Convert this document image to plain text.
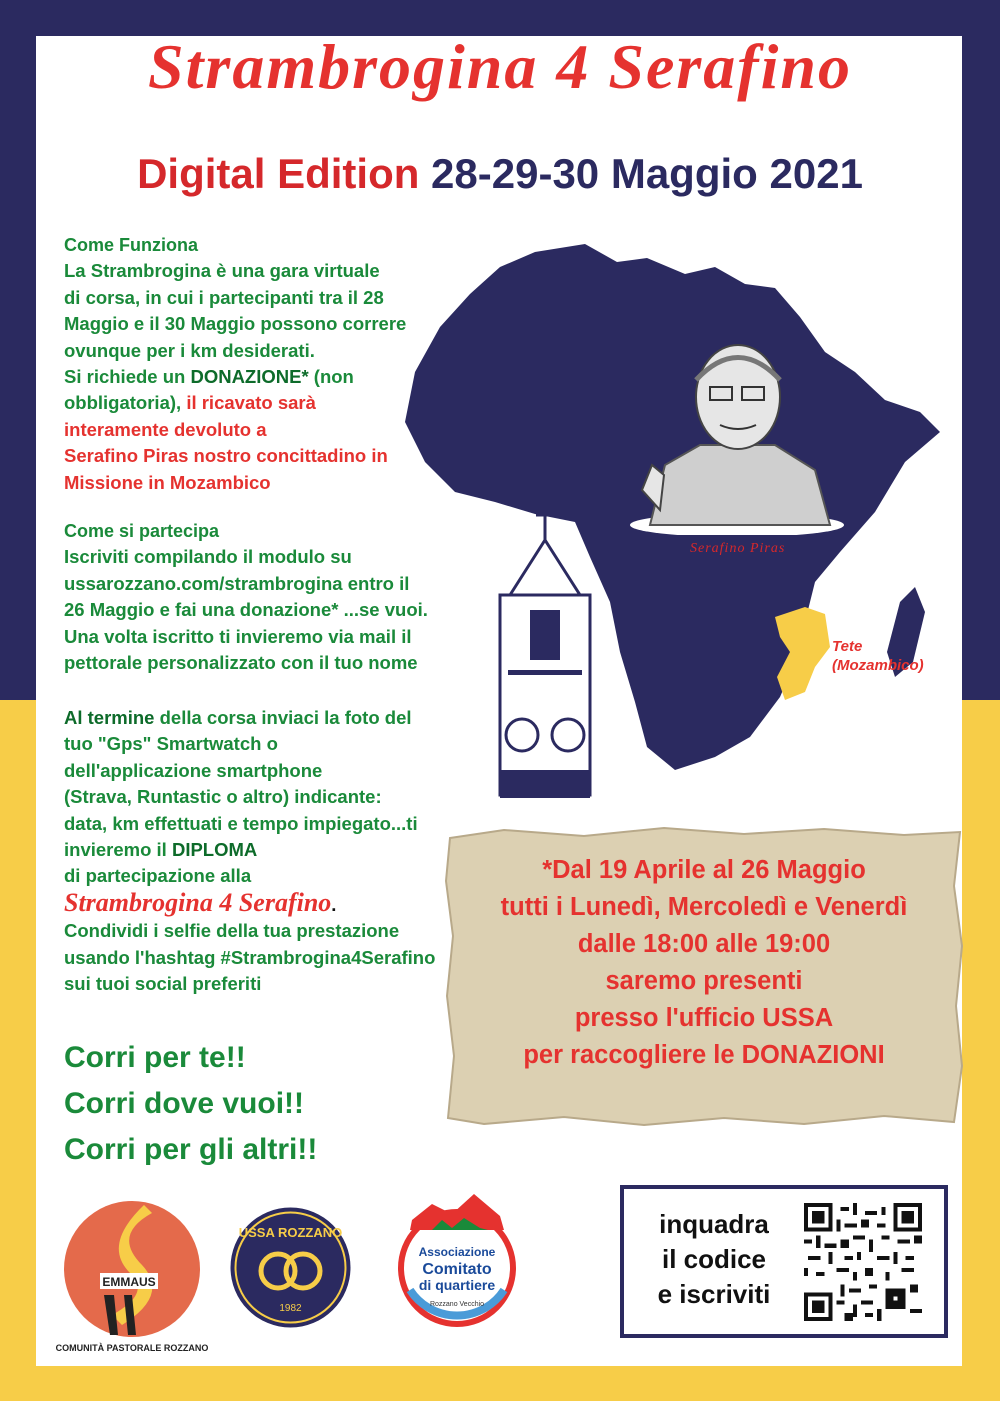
Strambrogina 4 Serafino
Digital Edition 28-29-30 Maggio 2021
Serafino Piras
Tete
(Mozambico)
Come Funziona
La Strambrogina è una gara virtuale
di corsa, in cui i partecipanti tra il 28
Maggio e il 30 Maggio possono correre
ovunque per i km desiderati.
Si richiede un DONAZIONE* (non
obbligatoria), il ricavato sarà
interamente devoluto a
Serafino Piras nostro concittadino in
Missione in Mozambico
Come si partecipa
Iscriviti compilando il modulo su
ussarozzano.com/strambrogina entro il
26 Maggio e fai una donazione* ...se vuoi.
Una volta iscritto ti invieremo via mail il
pettorale personalizzato con il tuo nome
Al termine della corsa inviaci la foto del
tuo "Gps" Smartwatch o
dell'applicazione smartphone
(Strava, Runtastic o altro) indicante:
data, km effettuati e tempo impiegato...ti
invieremo il DIPLOMA
di partecipazione alla
Strambrogina 4 Serafino.
Condividi i selfie della tua prestazione
usando l'hashtag #Strambrogina4Serafino
sui tuoi social preferiti
Corri per te!!
Corri dove vuoi!!
Corri per gli altri!!
*Dal 19 Aprile al 26 Maggio
tutti i Lunedì, Mercoledì e Venerdì
dalle 18:00 alle 19:00
saremo presenti
presso l'ufficio USSA
per raccogliere le DONAZIONI
EMMAUS
COMUNITÀ PASTORALE ROZZANO
USSA ROZZANO
1982
Associazione
Comitato
di quartiere
Rozzano Vecchio
inquadra
il codice
e iscriviti
